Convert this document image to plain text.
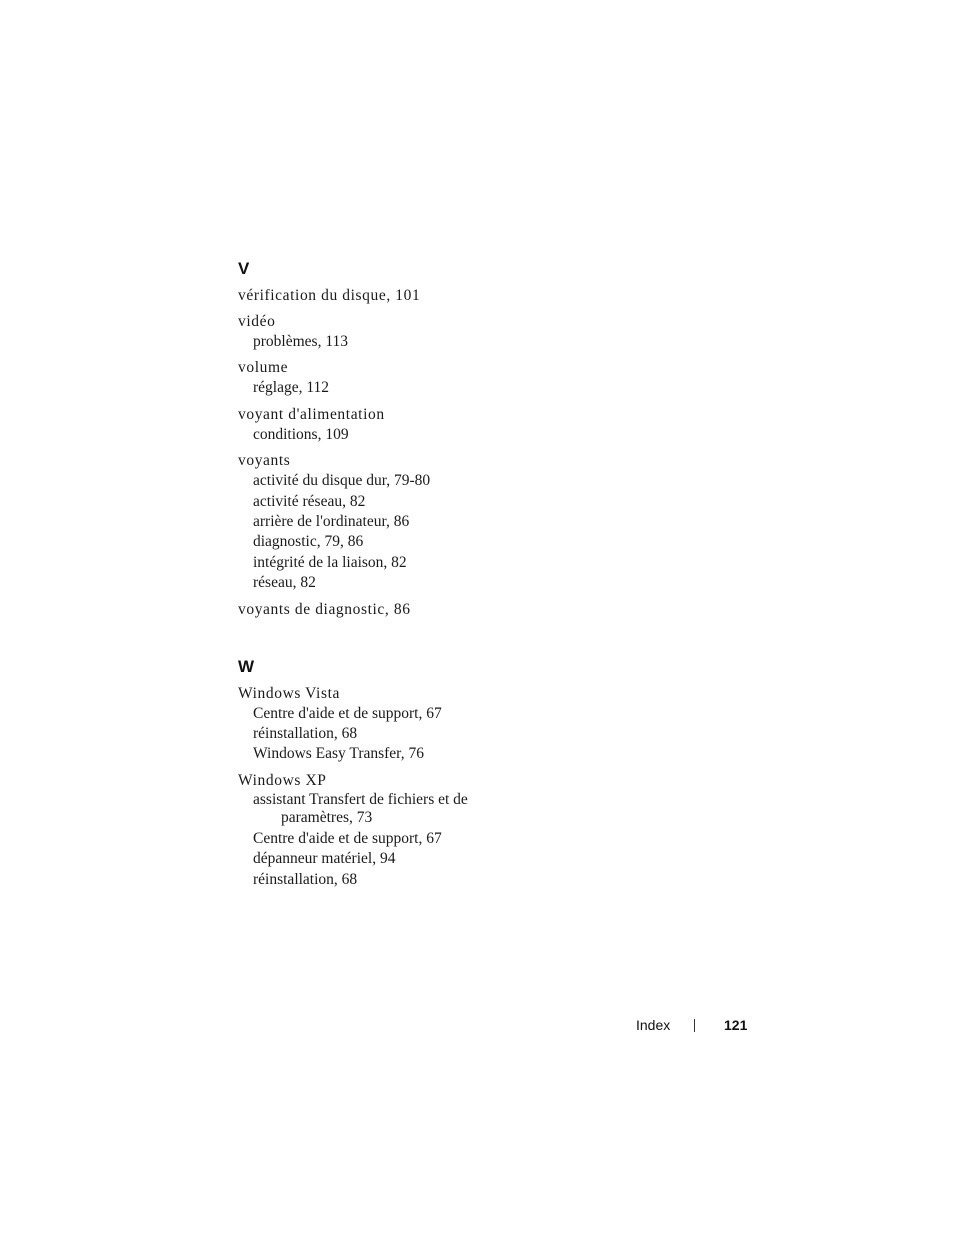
V
vérification du disque, 101
vidéo
problèmes, 113
volume
réglage, 112
voyant d'alimentation
conditions, 109
voyants
activité du disque dur, 79-80
activité réseau, 82
arrière de l'ordinateur, 86
diagnostic, 79, 86
intégrité de la liaison, 82
réseau, 82
voyants de diagnostic, 86
W
Windows Vista
Centre d'aide et de support, 67
réinstallation, 68
Windows Easy Transfer, 76
Windows XP
assistant Transfert de fichiers et de paramètres, 73
Centre d'aide et de support, 67
dépanneur matériel, 94
réinstallation, 68
Index	121
